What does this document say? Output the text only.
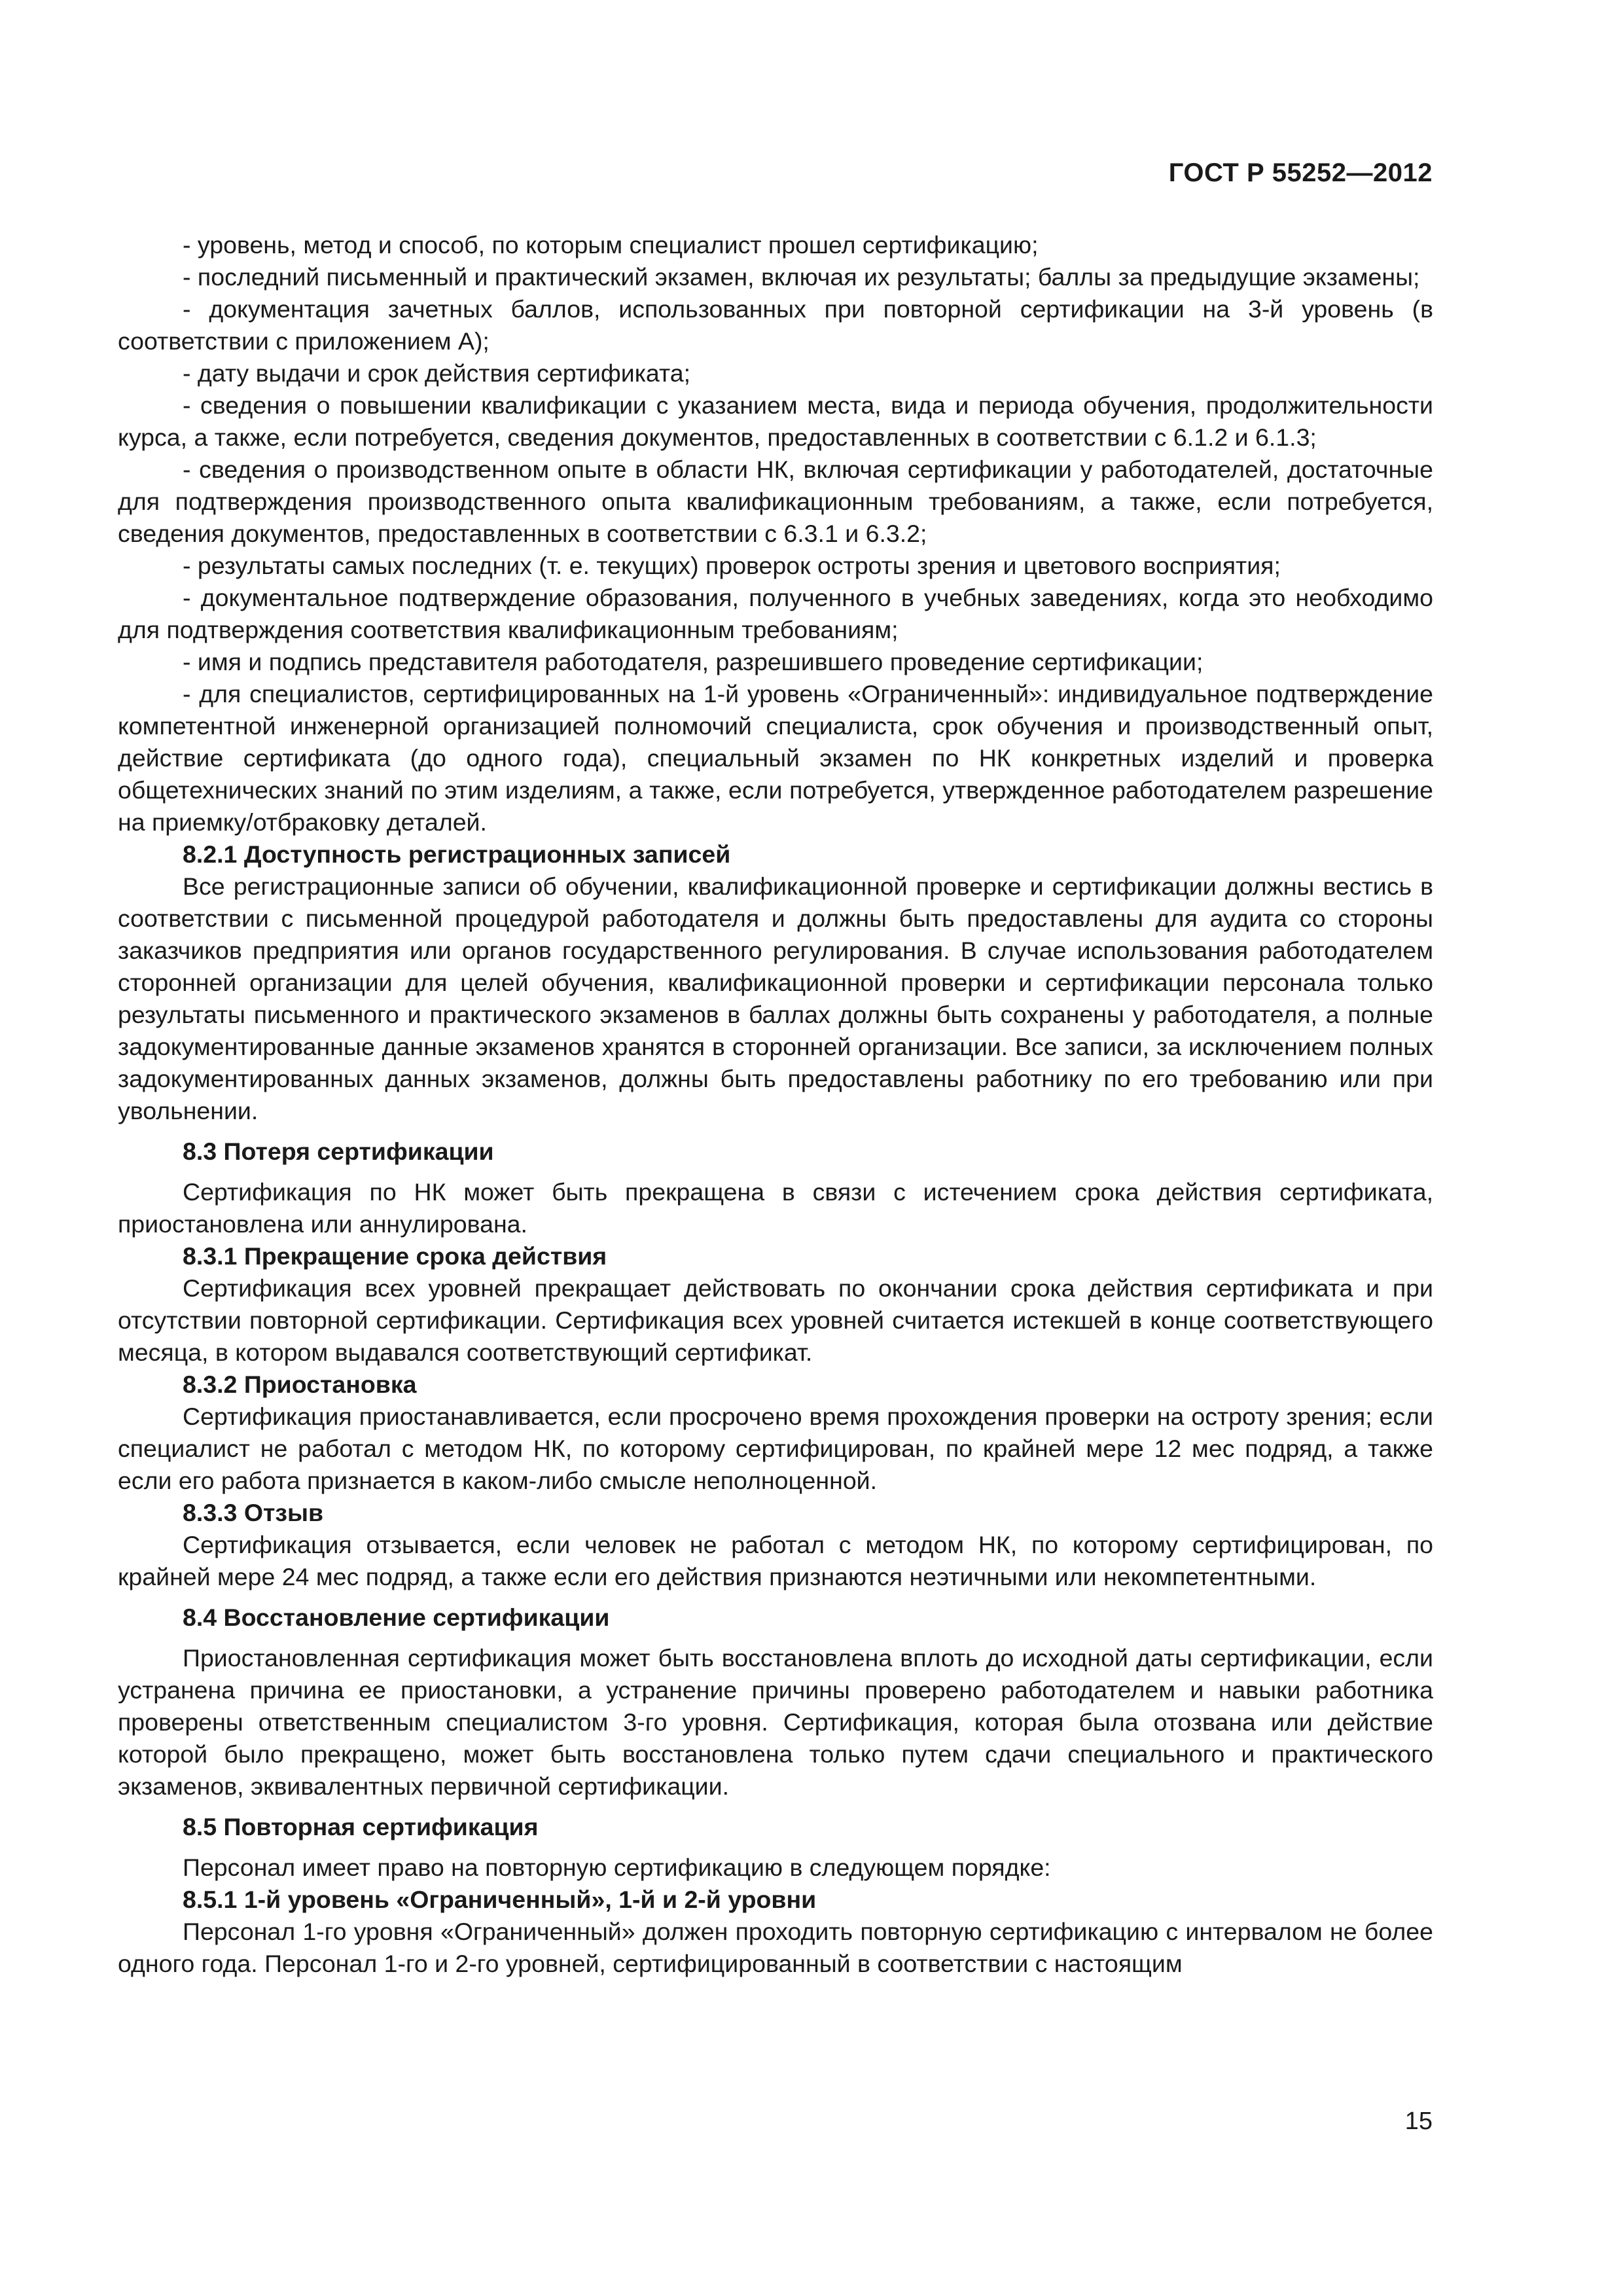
ГОСТ Р 55252—2012

- уровень, метод и способ, по которым специалист прошел сертификацию;

- последний письменный и практический экзамен, включая их результаты; баллы за предыдущие экзамены;

- документация зачетных баллов, использованных при повторной сертификации на 3-й уровень (в соответствии с приложением А);

- дату выдачи и срок действия сертификата;

- сведения о повышении квалификации с указанием места, вида и периода обучения, продолжительности курса, а также, если потребуется, сведения документов, предоставленных в соответствии с 6.1.2 и 6.1.3;

- сведения о производственном опыте в области НК, включая сертификации у работодателей, достаточные для подтверждения производственного опыта квалификационным требованиям, а также, если потребуется, сведения документов, предоставленных в соответствии с 6.3.1 и 6.3.2;

- результаты самых последних (т. е. текущих) проверок остроты зрения и цветового восприятия;

- документальное подтверждение образования, полученного в учебных заведениях, когда это необходимо для подтверждения соответствия квалификационным требованиям;

- имя и подпись представителя работодателя, разрешившего проведение сертификации;

- для специалистов, сертифицированных на 1-й уровень «Ограниченный»: индивидуальное подтверждение компетентной инженерной организацией полномочий специалиста, срок обучения и производственный опыт, действие сертификата (до одного года), специальный экзамен по НК конкретных изделий и проверка общетехнических знаний по этим изделиям, а также, если потребуется, утвержденное работодателем разрешение на приемку/отбраковку деталей.

8.2.1 Доступность регистрационных записей

Все регистрационные записи об обучении, квалификационной проверке и сертификации должны вестись в соответствии с письменной процедурой работодателя и должны быть предоставлены для аудита со стороны заказчиков предприятия или органов государственного регулирования. В случае использования работодателем сторонней организации для целей обучения, квалификационной проверки и сертификации персонала только результаты письменного и практического экзаменов в баллах должны быть сохранены у работодателя, а полные задокументированные данные экзаменов хранятся в сторонней организации. Все записи, за исключением полных задокументированных данных экзаменов, должны быть предоставлены работнику по его требованию или при увольнении.

8.3 Потеря сертификации

Сертификация по НК может быть прекращена в связи с истечением срока действия сертификата, приостановлена или аннулирована.

8.3.1 Прекращение срока действия

Сертификация всех уровней прекращает действовать по окончании срока действия сертификата и при отсутствии повторной сертификации. Сертификация всех уровней считается истекшей в конце соответствующего месяца, в котором выдавался соответствующий сертификат.

8.3.2 Приостановка

Сертификация приостанавливается, если просрочено время прохождения проверки на остроту зрения; если специалист не работал с методом НК, по которому сертифицирован, по крайней мере 12 мес подряд, а также если его работа признается в каком-либо смысле неполноценной.

8.3.3 Отзыв

Сертификация отзывается, если человек не работал с методом НК, по которому сертифицирован, по крайней мере 24 мес подряд, а также если его действия признаются неэтичными или некомпетентными.

8.4 Восстановление сертификации

Приостановленная сертификация может быть восстановлена вплоть до исходной даты сертификации, если устранена причина ее приостановки, а устранение причины проверено работодателем и навыки работника проверены ответственным специалистом 3-го уровня. Сертификация, которая была отозвана или действие которой было прекращено, может быть восстановлена только путем сдачи специального и практического экзаменов, эквивалентных первичной сертификации.

8.5 Повторная сертификация

Персонал имеет право на повторную сертификацию в следующем порядке:

8.5.1 1-й уровень «Ограниченный», 1-й и 2-й уровни

Персонал 1-го уровня «Ограниченный» должен проходить повторную сертификацию с интервалом не более одного года. Персонал 1-го и 2-го уровней, сертифицированный в соответствии с настоящим

15
